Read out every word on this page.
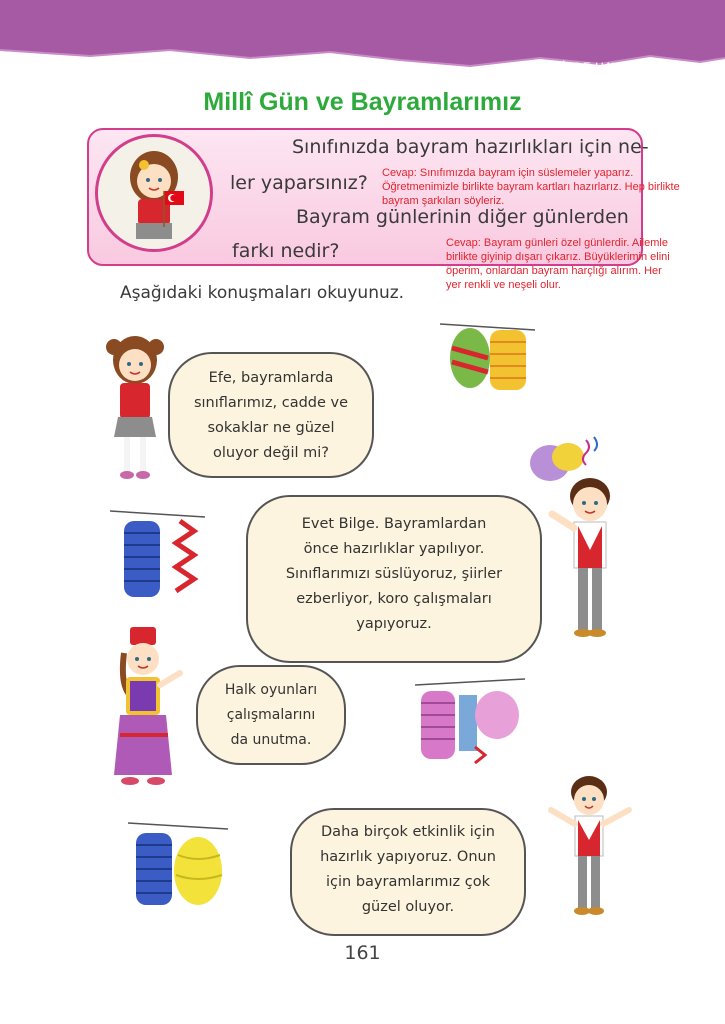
ÜLKEMİZDE HAYAT
Millî Gün ve Bayramlarımız
Sınıfınızda bayram hazırlıkları için ne-
ler yaparsınız? Cevap: Sınıfımızda bayram için süslemeler yaparız.
Öğretmenimizle birlikte bayram kartları hazırlarız. Hep birlikte
bayram şarkıları söyleriz.
Bayram günlerinin diğer günlerden
farkı nedir?	Cevap: Bayram günleri özel günlerdir. Ailemle
birlikte giyinip dışarı çıkarız. Büyüklerimin elini
öperim, onlardan bayram harçlığı alırım. Her
yer renkli ve neşeli olur.
Aşağıdaki konuşmaları okuyunuz.
Efe, bayramlarda
sınıflarımız, cadde ve
sokaklar ne güzel
oluyor değil mi?
Evet Bilge. Bayramlardan
önce hazırlıklar yapılıyor.
Sınıflarımızı süslüyoruz, şiirler
ezberliyor, koro çalışmaları
yapıyoruz.
Halk oyunları
çalışmalarını
da unutma.
Daha birçok etkinlik için
hazırlık yapıyoruz. Onun
için bayramlarımız çok
güzel oluyor.
161
